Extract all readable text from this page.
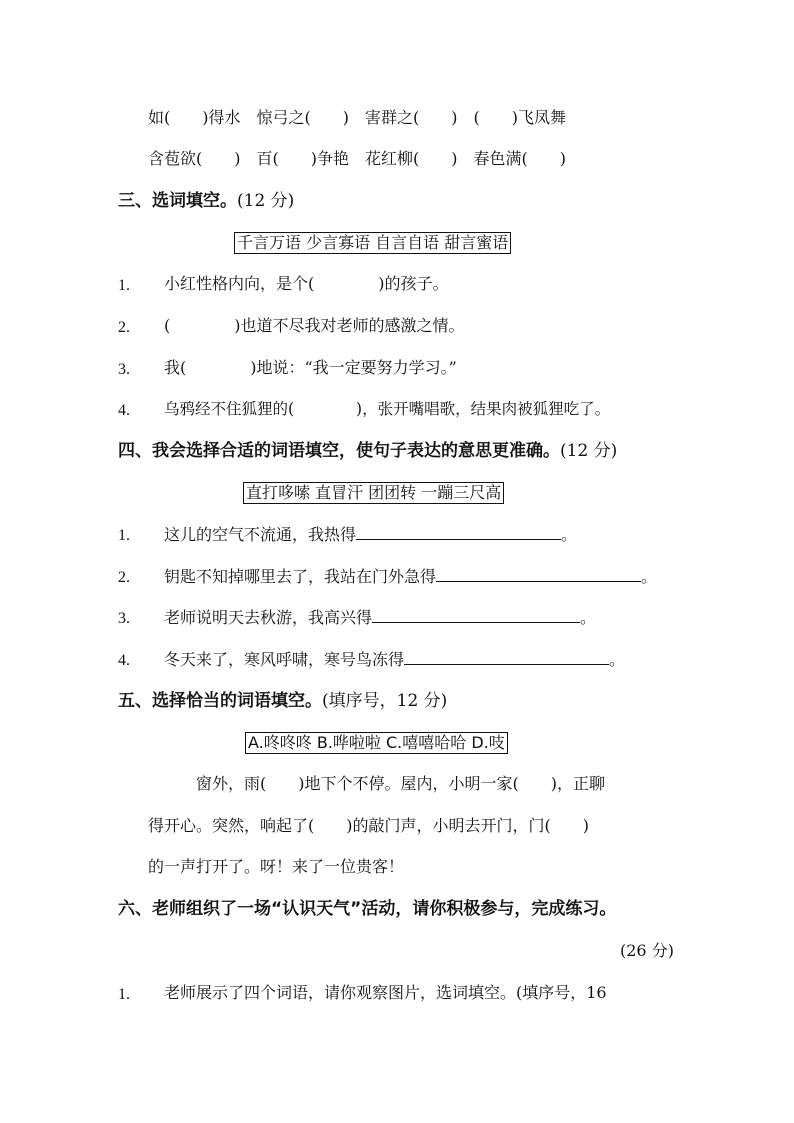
如(　　)得水　惊弓之(　　)　害群之(　　)　(　　)飞凤舞
含苞欲(　　)　百(　　)争艳　花红柳(　　)　春色满(　　)
三、选词填空。(12 分)
千言万语 少言寡语 自言自语 甜言蜜语
1. 小红性格内向，是个(　　　　)的孩子。
2. (　　　　)也道不尽我对老师的感激之情。
3. 我(　　　　)地说：“我一定要努力学习。”
4. 乌鸦经不住狐狸的(　　　　)，张开嘴唱歌，结果肉被狐狸吃了。
四、我会选择合适的词语填空，使句子表达的意思更准确。(12 分)
直打哆嗦 直冒汗 团团转 一蹦三尺高
1. 这儿的空气不流通，我热得	。
2. 钥匙不知掉哪里去了，我站在门外急得	。
3. 老师说明天去秋游，我高兴得	。
4. 冬天来了，寒风呼啸，寒号鸟冻得	。
五、选择恰当的词语填空。(填序号，12 分)
A.咚咚咚 B.哗啦啦 C.嘻嘻哈哈 D.吱
窗外，雨(　　)地下个不停。屋内，小明一家(　　)，正聊
得开心。突然，响起了(　　)的敲门声，小明去开门，门(　　)
的一声打开了。呀！来了一位贵客！
六、老师组织了一场“认识天气”活动，请你积极参与，完成练习。
(26 分)
1. 老师展示了四个词语，请你观察图片，选词填空。(填序号，16
